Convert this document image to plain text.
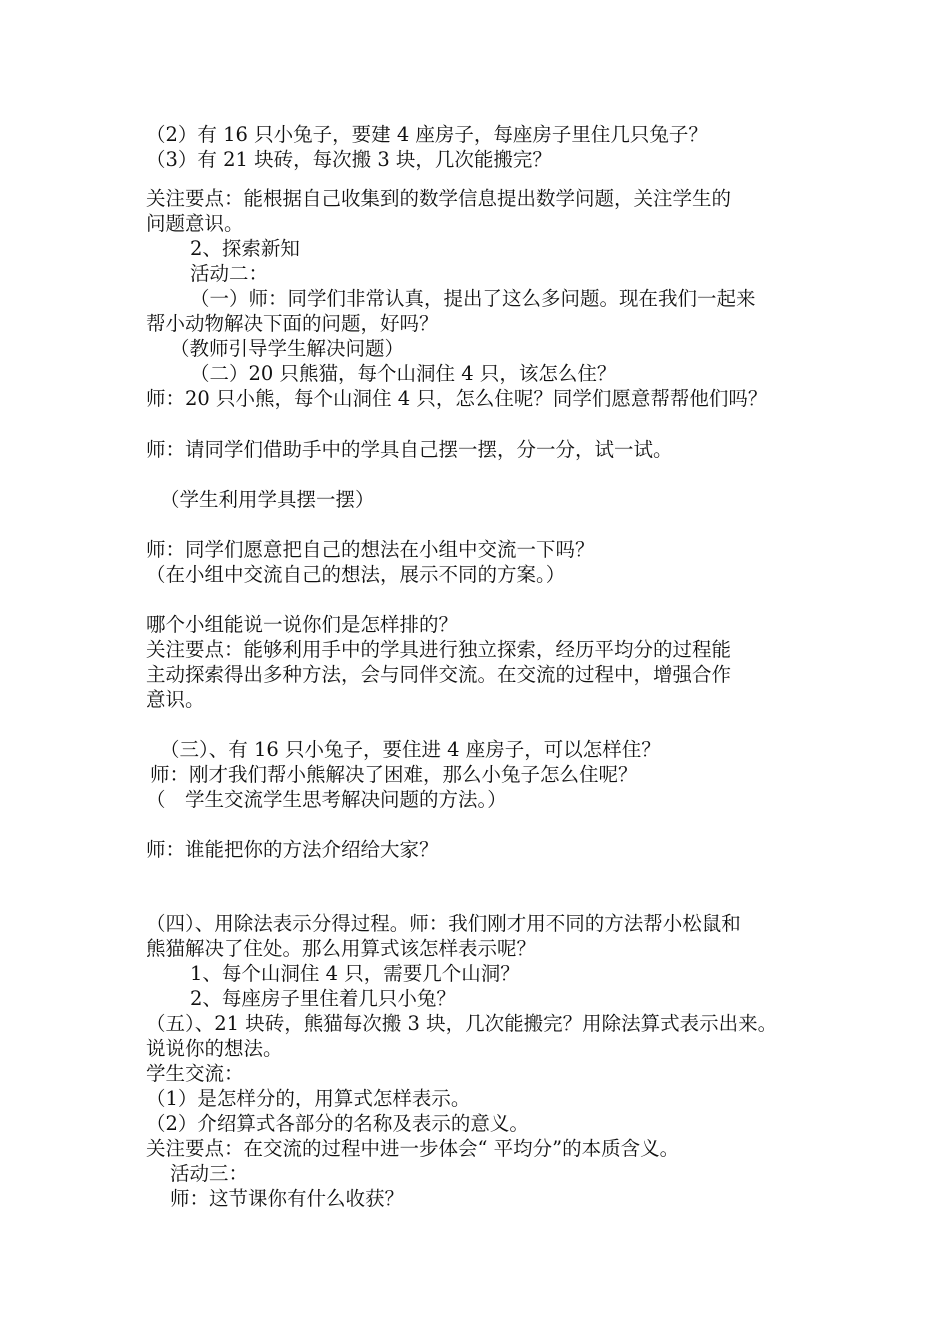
（2）有 16 只小兔子，要建 4 座房子，每座房子里住几只兔子？
（3）有 21 块砖，每次搬 3 块，几次能搬完？
关注要点：能根据自己收集到的数学信息提出数学问题，关注学生的
问题意识。
2、探索新知
活动二：
（一）师：同学们非常认真，提出了这么多问题。现在我们一起来
帮小动物解决下面的问题，好吗？
（教师引导学生解决问题）
（二）20 只熊猫，每个山洞住 4 只，该怎么住？
师：20 只小熊，每个山洞住 4 只，怎么住呢？同学们愿意帮帮他们吗？
师：请同学们借助手中的学具自己摆一摆，分一分，试一试。
（学生利用学具摆一摆）
师：同学们愿意把自己的想法在小组中交流一下吗？
（在小组中交流自己的想法，展示不同的方案。）
哪个小组能说一说你们是怎样排的？
关注要点：能够利用手中的学具进行独立探索，经历平均分的过程能
主动探索得出多种方法，会与同伴交流。在交流的过程中，增强合作
意识。
（三）、有 16 只小兔子，要住进 4 座房子，可以怎样住？
师：刚才我们帮小熊解决了困难，那么小兔子怎么住呢？
（　学生交流学生思考解决问题的方法。）
师：谁能把你的方法介绍给大家？
（四）、用除法表示分得过程。师：我们刚才用不同的方法帮小松鼠和
熊猫解决了住处。那么用算式该怎样表示呢？
1、每个山洞住 4 只，需要几个山洞？
2、每座房子里住着几只小兔？
（五）、21 块砖，熊猫每次搬 3 块，几次能搬完？用除法算式表示出来。
说说你的想法。
学生交流：
（1）是怎样分的，用算式怎样表示。
（2）介绍算式各部分的名称及表示的意义。
关注要点：在交流的过程中进一步体会“ 平均分”的本质含义。
活动三：
师：这节课你有什么收获？
